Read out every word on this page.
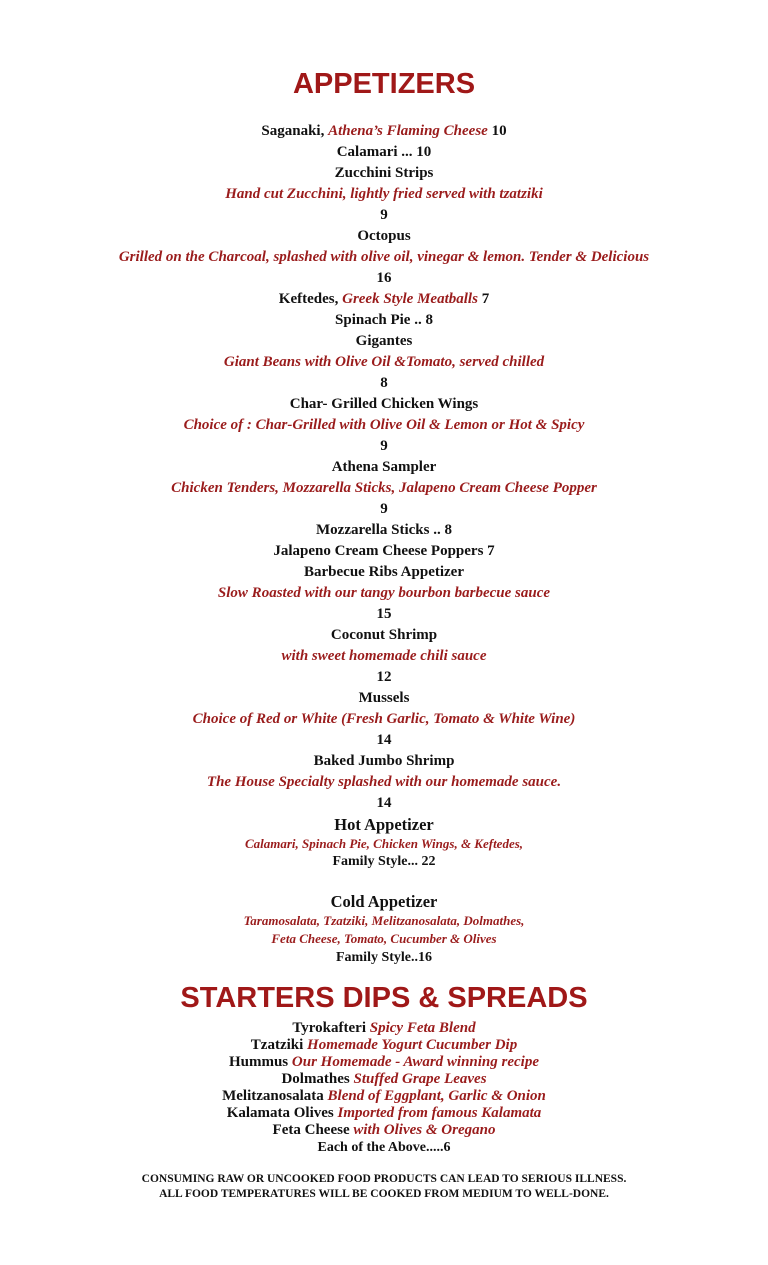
APPETIZERS
Saganaki, Athena’s Flaming Cheese 10
Calamari ... 10
Zucchini Strips
Hand cut Zucchini, lightly fried served with tzatziki
9
Octopus
Grilled on the Charcoal, splashed with olive oil, vinegar & lemon. Tender & Delicious
16
Keftedes, Greek Style Meatballs 7
Spinach Pie .. 8
Gigantes
Giant Beans with Olive Oil &Tomato, served chilled
8
Char- Grilled Chicken Wings
Choice of : Char-Grilled with Olive Oil & Lemon or Hot & Spicy
9
Athena Sampler
Chicken Tenders, Mozzarella Sticks, Jalapeno Cream Cheese Popper
9
Mozzarella Sticks .. 8
Jalapeno Cream Cheese Poppers 7
Barbecue Ribs Appetizer
Slow Roasted with our tangy bourbon barbecue sauce
15
Coconut Shrimp
with sweet homemade chili sauce
12
Mussels
Choice of Red or White (Fresh Garlic, Tomato & White Wine)
14
Baked Jumbo Shrimp
The House Specialty splashed with our homemade sauce.
14
Hot Appetizer
Calamari, Spinach Pie, Chicken Wings, & Keftedes,
Family Style... 22
Cold Appetizer
Taramosalata, Tzatziki, Melitzanosalata, Dolmathes,
Feta Cheese, Tomato, Cucumber & Olives
Family Style..16
STARTERS DIPS & SPREADS
Tyrokafteri Spicy Feta Blend
Tzatziki Homemade Yogurt Cucumber Dip
Hummus Our Homemade - Award winning recipe
Dolmathes Stuffed Grape Leaves
Melitzanosalata Blend of Eggplant, Garlic & Onion
Kalamata Olives Imported from famous Kalamata
Feta Cheese with Olives & Oregano
Each of the Above.....6
CONSUMING RAW OR UNCOOKED FOOD PRODUCTS CAN LEAD TO SERIOUS ILLNESS.
ALL FOOD TEMPERATURES WILL BE COOKED FROM MEDIUM TO WELL-DONE.
